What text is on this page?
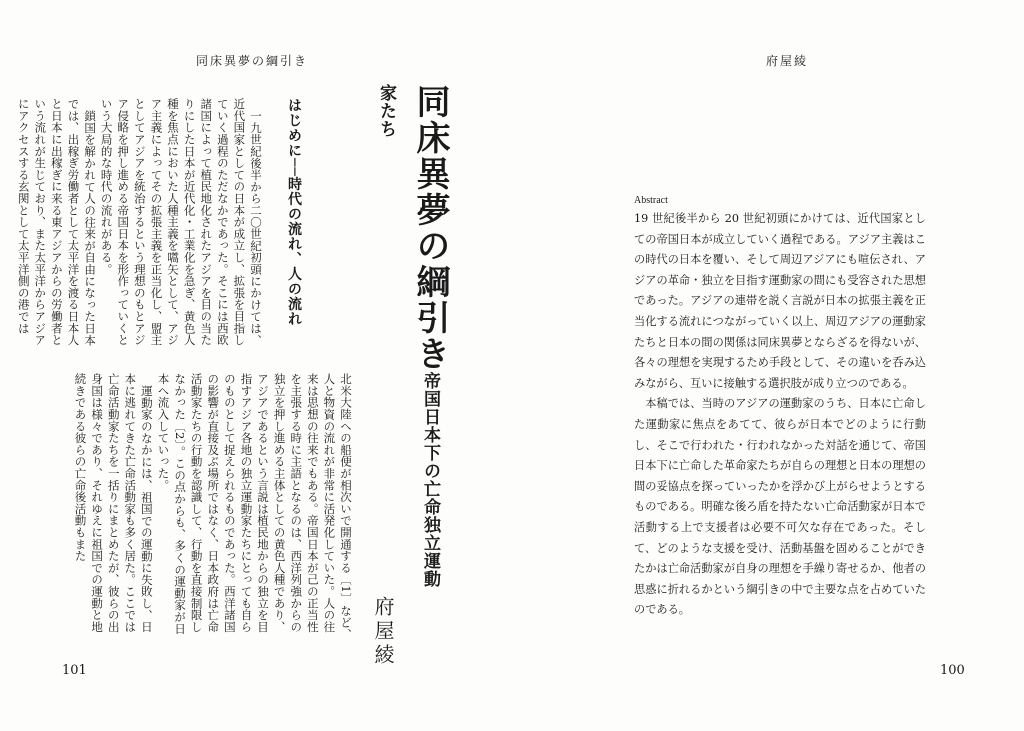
同床異夢の綱引き
同床異夢の綱引き帝国日本下の亡命独立運動家たち
府屋綾
はじめに──時代の流れ、人の流れ

一九世紀後半から二〇世紀初頭にかけては、近代国家としての日本が成立し、拡張を目指していく過程のただなかであった。そこには西欧諸国によって植民地化されたアジアを目の当たりにした日本が近代化・工業化を急ぎ、黄色人種を焦点においた人種主義を嚆矢として、アジア主義によってその拡張主義を正当化し、盟主としてアジアを統治するという理想のもとアジア侵略を押し進める帝国日本を形作っていくという大局的な時代の流れがある。

鎖国を解かれて人の往来が自由になった日本では、出稼ぎ労働者として太平洋を渡る日本人と日本に出稼ぎに来る東アジアからの労働者という流れが生じており、また太平洋からアジアにアクセスする玄関として太平洋側の港では

北米大陸への船便が相次いで開通する〔1〕など、人と物資の流れが非常に活発化していた。人の往来は思想の往来でもある。帝国日本が己の正当性を主張する時に主語となるのは、西洋列強からの独立を押し進める主体としての黄色人種であり、アジアであるという言説は植民地からの独立を目指すアジア各地の独立運動家たちにとっても自らのものとして捉えられるものであった。西洋諸国の影響が直接及ぶ場所ではなく、日本政府は亡命活動家たちの行動を認識して、行動を直接制限しなかった〔2〕。この点からも、多くの運動家が日本へ流入していった。

運動家のなかには、祖国での運動に失敗し、日本に逃れてきた亡命活動家も多く居た。ここでは亡命活動家たちを一括りにまとめたが、彼らの出身国は様々であり、それゆえに祖国での運動と地続きである彼らの亡命後活動もまた

101
府屋綾
Abstract

19 世紀後半から 20 世紀初頭にかけては、近代国家としての帝国日本が成立していく過程である。アジア主義はこの時代の日本を覆い、そして周辺アジアにも喧伝され、アジアの革命・独立を目指す運動家の間にも受容された思想であった。アジアの連帯を説く言説が日本の拡張主義を正当化する流れにつながっていく以上、周辺アジアの運動家たちと日本の間の関係は同床異夢とならざるを得ないが、各々の理想を実現するため手段として、その違いを呑み込みながら、互いに接触する選択肢が成り立つのである。

本稿では、当時のアジアの運動家のうち、日本に亡命した運動家に焦点をあてて、彼らが日本でどのように行動し、そこで行われた・行われなかった対話を通じて、帝国日本下に亡命した革命家たちが自らの理想と日本の理想の間の妥協点を探っていったかを浮かび上がらせようとするものである。明確な後ろ盾を持たない亡命活動家が日本で活動する上で支援者は必要不可欠な存在であった。そして、どのような支援を受け、活動基盤を固めることができたかは亡命活動家が自身の理想を手繰り寄せるか、他者の思惑に折れるかという綱引きの中で主要な点を占めていたのである。

100
